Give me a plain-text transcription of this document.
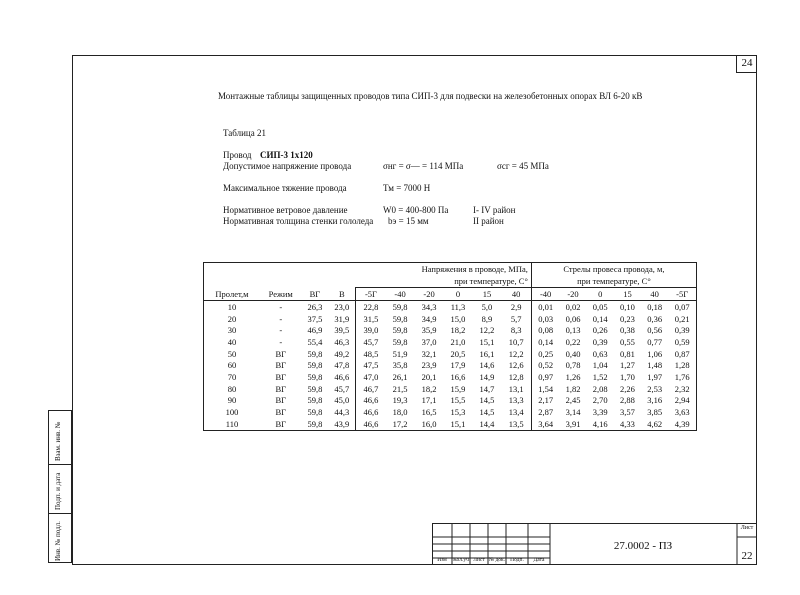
24
Монтажные таблицы защищенных проводов типа СИП-3 для подвески на железобетонных опорах ВЛ 6-20 кВ
Таблица 21
Провод СИП-3 1х120
Допустимое напряжение провода	σнг = σ— = 114 МПа	σсг = 45 МПа
Максимальное тяжение провода	Тм = 7000 Н
Нормативное ветровое давление	W0 = 400-800 Па	I- IV район
Нормативная толщина стенки гололеда bэ = 15 мм	II район
				Напряжения в проводе, МПа,						Стрелы провеса провода, м,					
				при температуре, С°						при температуре, С°					
Пролет,м	Режим	ВГ	В	-5Г	-40	-20	0	15	40	-40	-20	0	15	40	-5Г
10	-	26,3	23,0	22,8	59,8	34,3	11,3	5,0	2,9	0,01	0,02	0,05	0,10	0,18	0,07
20	-	37,5	31,9	31,5	59,8	34,9	15,0	8,9	5,7	0,03	0,06	0,14	0,23	0,36	0,21
30	-	46,9	39,5	39,0	59,8	35,9	18,2	12,2	8,3	0,08	0,13	0,26	0,38	0,56	0,39
40	-	55,4	46,3	45,7	59,8	37,0	21,0	15,1	10,7	0,14	0,22	0,39	0,55	0,77	0,59
50	ВГ	59,8	49,2	48,5	51,9	32,1	20,5	16,1	12,2	0,25	0,40	0,63	0,81	1,06	0,87
60	ВГ	59,8	47,8	47,5	35,8	23,9	17,9	14,6	12,6	0,52	0,78	1,04	1,27	1,48	1,28
70	ВГ	59,8	46,6	47,0	26,1	20,1	16,6	14,9	12,8	0,97	1,26	1,52	1,70	1,97	1,76
80	ВГ	59,8	45,7	46,7	21,5	18,2	15,9	14,7	13,1	1,54	1,82	2,08	2,26	2,53	2,32
90	ВГ	59,8	45,0	46,6	19,3	17,1	15,5	14,5	13,3	2,17	2,45	2,70	2,88	3,16	2,94
100	ВГ	59,8	44,3	46,6	18,0	16,5	15,3	14,5	13,4	2,87	3,14	3,39	3,57	3,85	3,63
110	ВГ	59,8	43,9	46,6	17,2	16,0	15,1	14,4	13,5	3,64	3,91	4,16	4,33	4,62	4,39
Инв. № подл.
Подп. и дата
Взам. инв. №
Изм	Кол.уч Лист № док. Подп.	Дата
27.0002 - ПЗ
Лист
22
